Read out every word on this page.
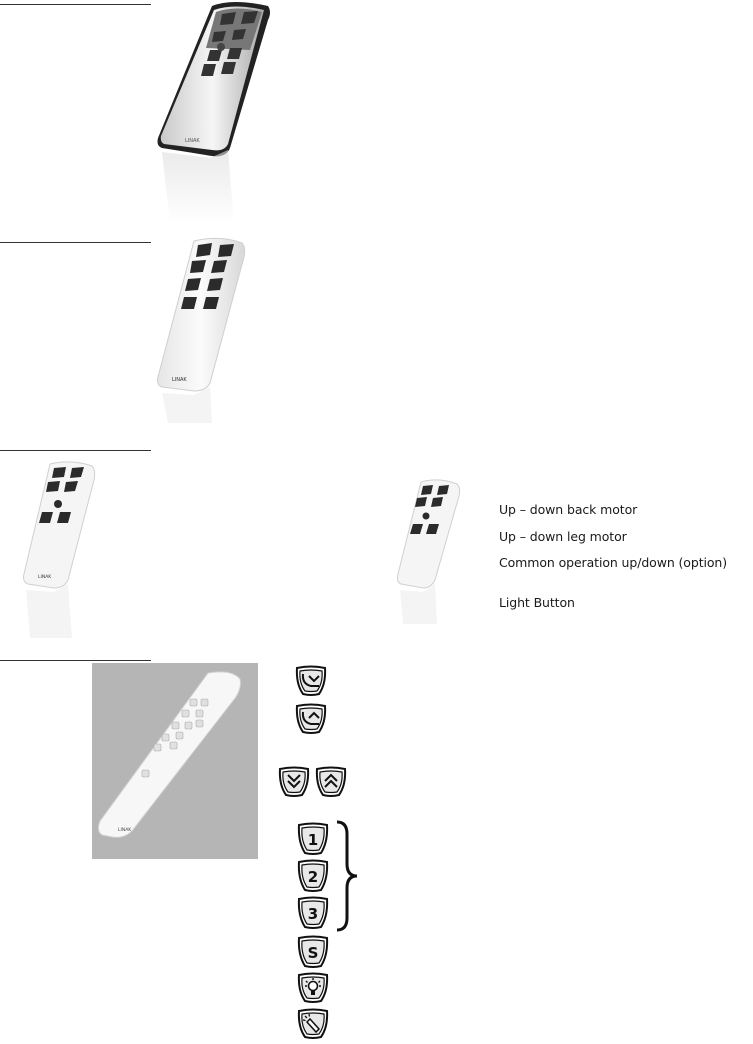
LINAK
LINAK
LINAK
Up – down back motor
Up – down leg motor
Common operation up/down (option)
Light Button
LINAK
1
2
3
S
